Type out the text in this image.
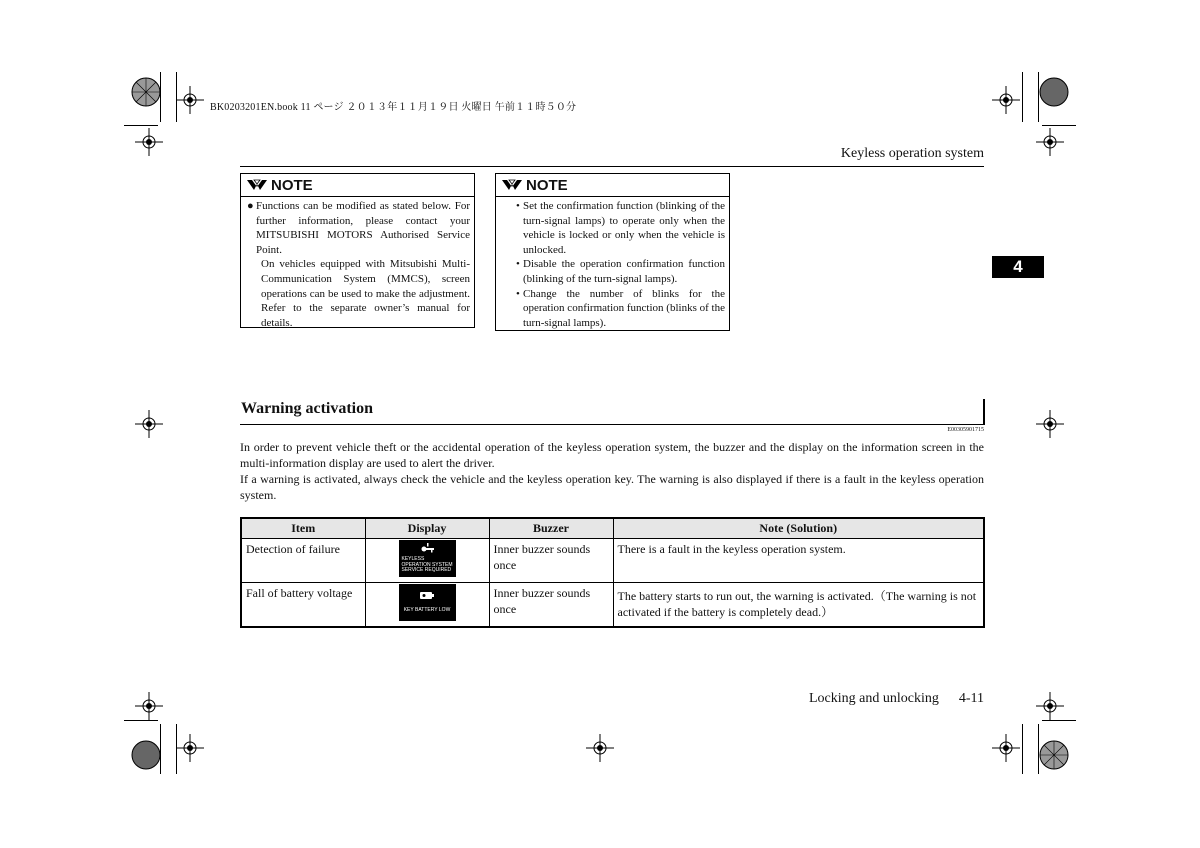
BK0203201EN.book 11 ページ ２０１３年１１月１９日 火曜日 午前１１時５０分
Keyless operation system
4
NOTE
● Functions can be modified as stated below. For further information, please contact your MITSUBISHI MOTORS Authorised Service Point.
On vehicles equipped with Mitsubishi Multi-Communication System (MMCS), screen operations can be used to make the adjustment. Refer to the separate owner’s manual for details.
NOTE
• Set the confirmation function (blinking of the turn-signal lamps) to operate only when the vehicle is locked or only when the vehicle is unlocked.
• Disable the operation confirmation function (blinking of the turn-signal lamps).
• Change the number of blinks for the operation confirmation function (blinks of the turn-signal lamps).
Warning activation
E00305901715
In order to prevent vehicle theft or the accidental operation of the keyless operation system, the buzzer and the display on the information screen in the multi-information display are used to alert the driver.
If a warning is activated, always check the vehicle and the keyless operation key. The warning is also displayed if there is a fault in the keyless operation system.
Item	Display	Buzzer	Note (Solution)
Detection of failure	KEYLESS OPERATION SYSTEM SERVICE REQUIRED	Inner buzzer sounds once	There is a fault in the keyless operation system.
Fall of battery voltage	KEY BATTERY LOW	Inner buzzer sounds once	The battery starts to run out, the warning is activated.（The warning is not activated if the battery is completely dead.）
Locking and unlocking 4-11
